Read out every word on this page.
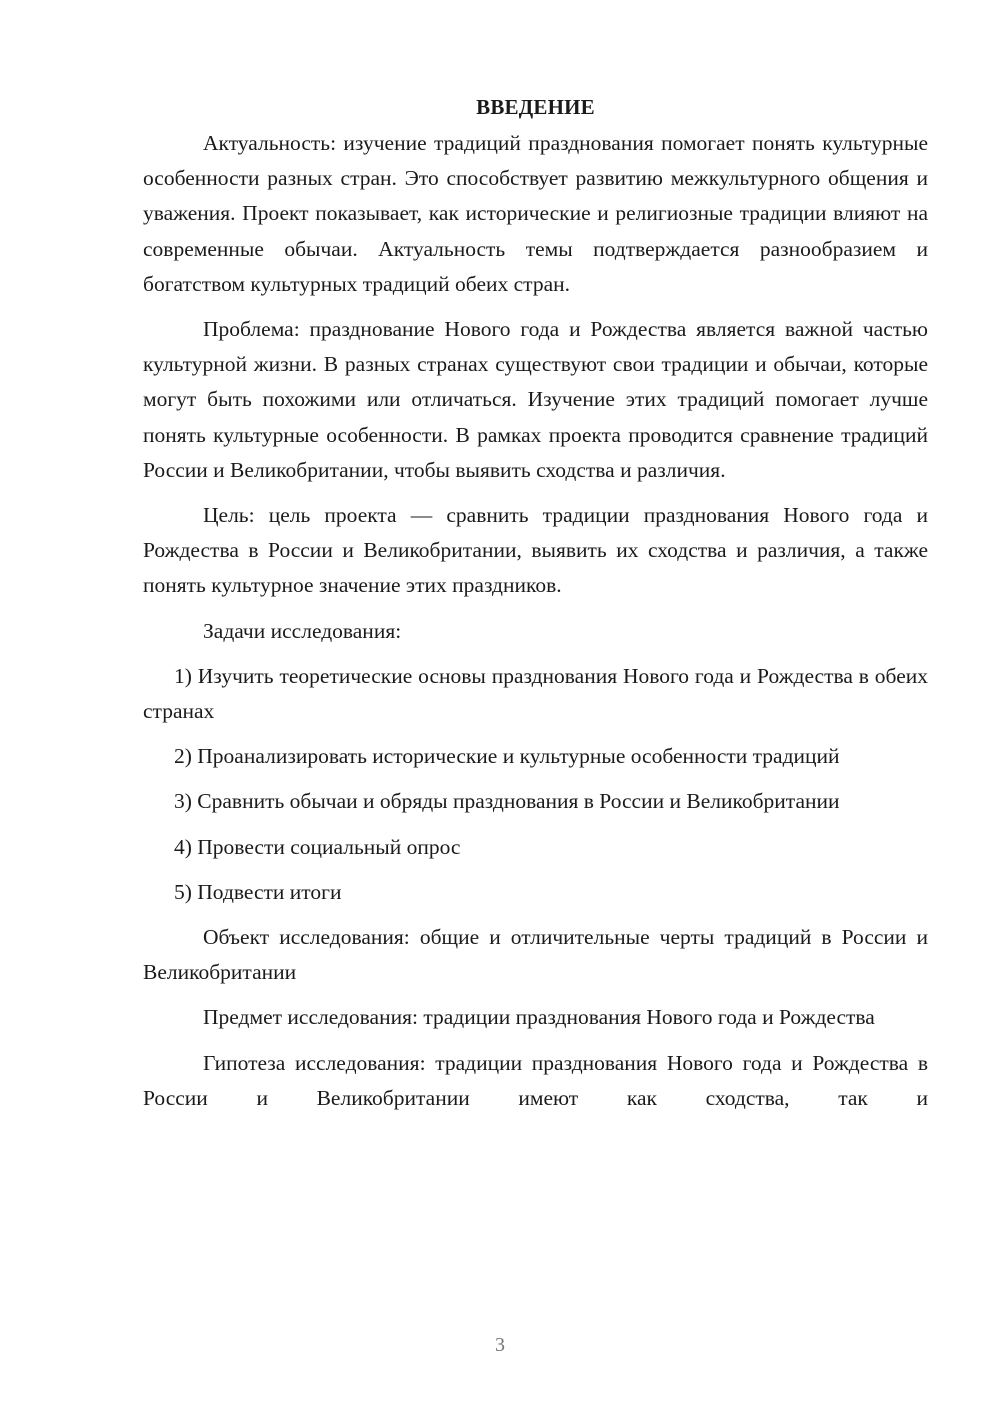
ВВЕДЕНИЕ

Актуальность: изучение традиций празднования помогает понять культурные особенности разных стран. Это способствует развитию межкультурного общения и уважения. Проект показывает, как исторические и религиозные традиции влияют на современные обычаи. Актуальность темы подтверждается разнообразием и богатством культурных традиций обеих стран.

Проблема: празднование Нового года и Рождества является важной частью культурной жизни. В разных странах существуют свои традиции и обычаи, которые могут быть похожими или отличаться. Изучение этих традиций помогает лучше понять культурные особенности. В рамках проекта проводится сравнение традиций России и Великобритании, чтобы выявить сходства и различия.

Цель: цель проекта — сравнить традиции празднования Нового года и Рождества в России и Великобритании, выявить их сходства и различия, а также понять культурное значение этих праздников.

Задачи исследования:

1) Изучить теоретические основы празднования Нового года и Рождества в обеих странах

2) Проанализировать исторические и культурные особенности традиций

3) Сравнить обычаи и обряды празднования в России и Великобритании

4) Провести социальный опрос

5) Подвести итоги

Объект исследования: общие и отличительные черты традиций в России и Великобритании

Предмет исследования: традиции празднования Нового года и Рождества

Гипотеза исследования: традиции празднования Нового года и Рождества в России и Великобритании имеют как сходства, так и

3
